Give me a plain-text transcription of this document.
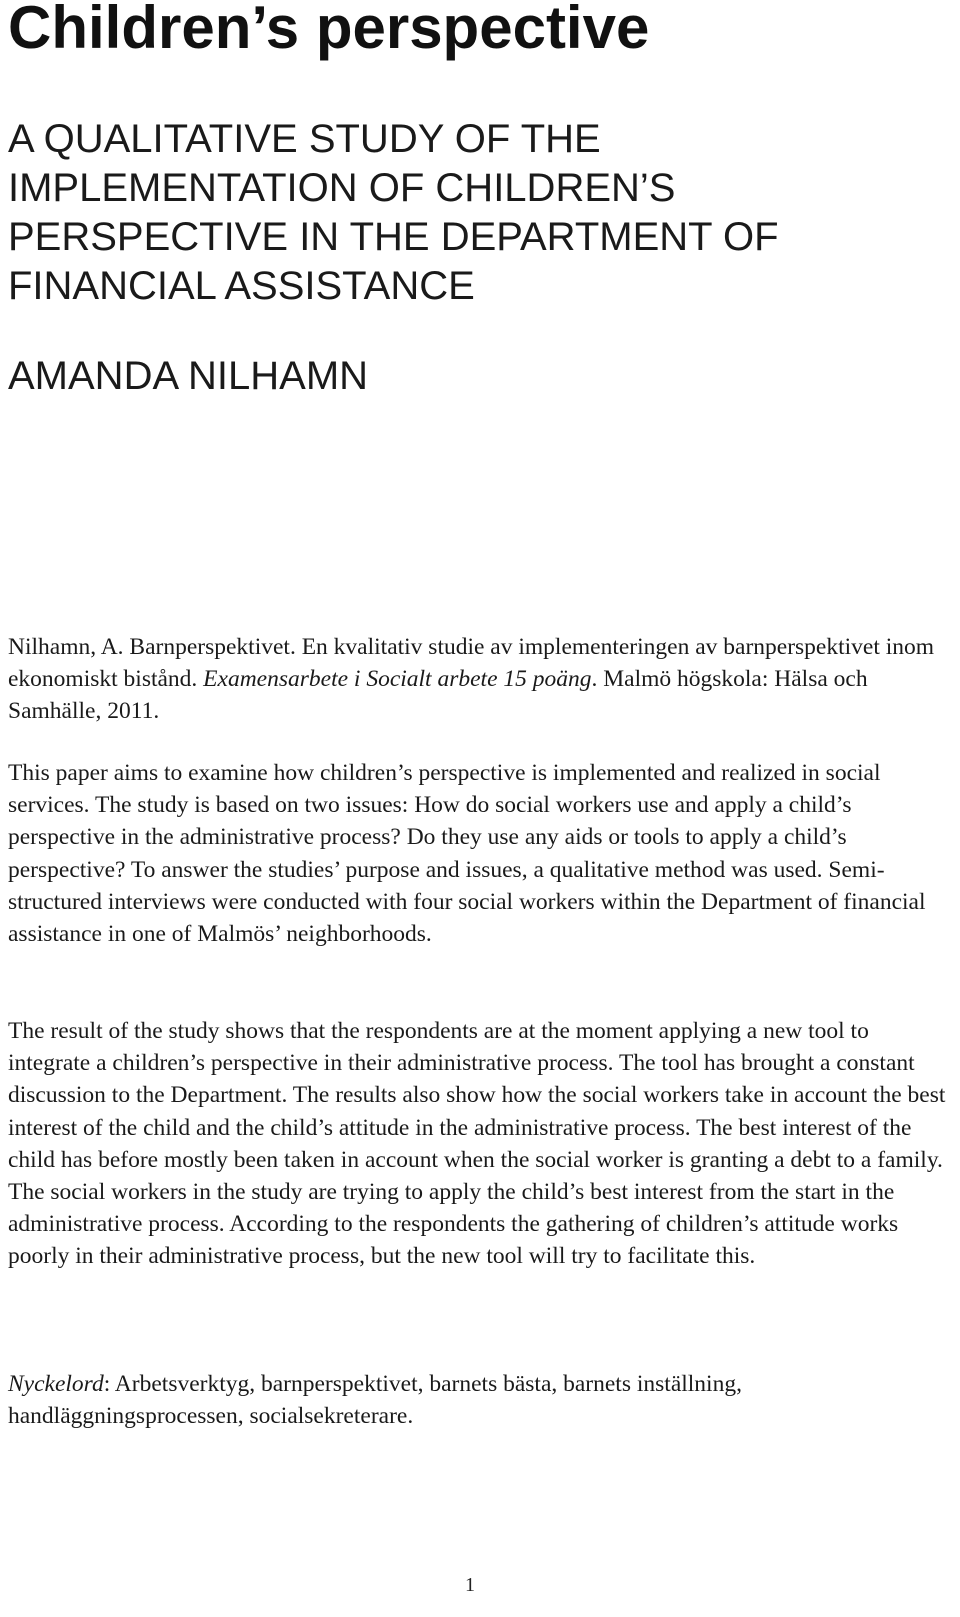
Children’s perspective
A QUALITATIVE STUDY OF THE IMPLEMENTATION OF CHILDREN’S PERSPECTIVE IN THE DEPARTMENT OF FINANCIAL ASSISTANCE
AMANDA NILHAMN

Nilhamn, A. Barnperspektivet. En kvalitativ studie av implementeringen av barnperspektivet inom ekonomiskt bistånd. Examensarbete i Socialt arbete 15 poäng. Malmö högskola: Hälsa och Samhälle, 2011.

This paper aims to examine how children’s perspective is implemented and realized in social services. The study is based on two issues: How do social workers use and apply a child’s perspective in the administrative process? Do they use any aids or tools to apply a child’s perspective? To answer the studies’ purpose and issues, a qualitative method was used. Semi-structured interviews were conducted with four social workers within the Department of financial assistance in one of Malmös’ neighborhoods.

The result of the study shows that the respondents are at the moment applying a new tool to integrate a children’s perspective in their administrative process. The tool has brought a constant discussion to the Department. The results also show how the social workers take in account the best interest of the child and the child’s attitude in the administrative process. The best interest of the child has before mostly been taken in account when the social worker is granting a debt to a family. The social workers in the study are trying to apply the child’s best interest from the start in the administrative process. According to the respondents the gathering of children’s attitude works poorly in their administrative process, but the new tool will try to facilitate this.

Nyckelord: Arbetsverktyg, barnperspektivet, barnets bästa, barnets inställning, handläggningsprocessen, socialsekreterare.

1
